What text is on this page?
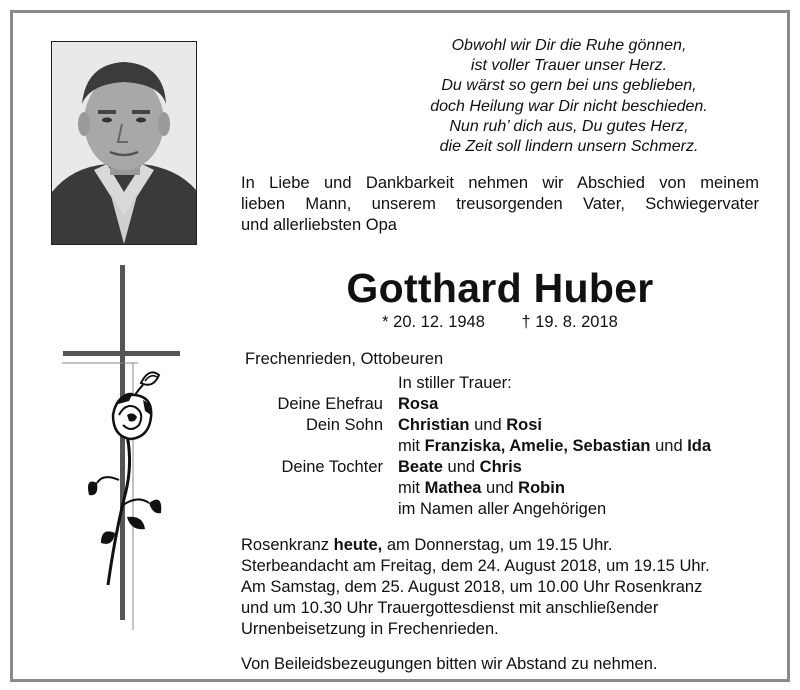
Obwohl wir Dir die Ruhe gönnen,
ist voller Trauer unser Herz.
Du wärst so gern bei uns geblieben,
doch Heilung war Dir nicht beschieden.
Nun ruh’ dich aus, Du gutes Herz,
die Zeit soll lindern unsern Schmerz.
In Liebe und Dankbarkeit nehmen wir Abschied von meinem
lieben Mann, unserem treusorgenden Vater, Schwiegervater
und allerliebsten Opa
Gotthard Huber
* 20. 12. 1948 † 19. 8. 2018
Frechenrieden, Ottobeuren
In stiller Trauer:
Deine Ehefrau Rosa
Dein Sohn Christian und Rosi
mit Franziska, Amelie, Sebastian und Ida
Deine Tochter Beate und Chris
mit Mathea und Robin
im Namen aller Angehörigen
Rosenkranz heute, am Donnerstag, um 19.15 Uhr.
Sterbeandacht am Freitag, dem 24. August 2018, um 19.15 Uhr.
Am Samstag, dem 25. August 2018, um 10.00 Uhr Rosenkranz
und um 10.30 Uhr Trauergottesdienst mit anschließender
Urnenbeisetzung in Frechenrieden.
Von Beileidsbezeugungen bitten wir Abstand zu nehmen.
